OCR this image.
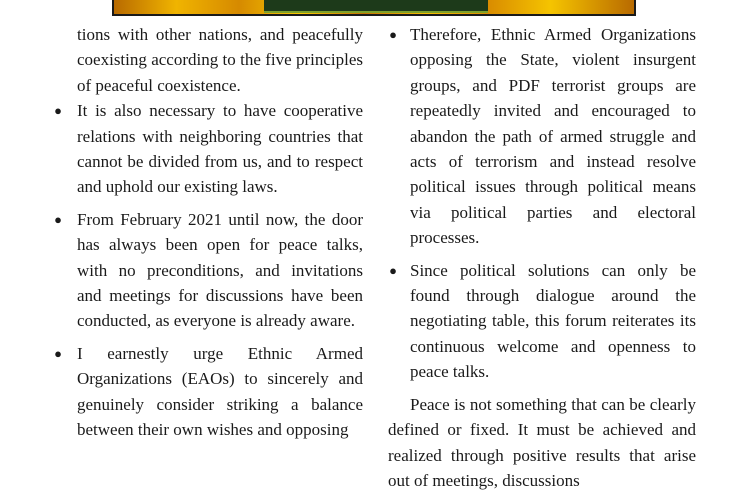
tions with other nations, and peacefully coexisting according to the five principles of peaceful coexistence.

● It is also necessary to have cooperative relations with neighboring countries that cannot be divided from us, and to respect and uphold our existing laws.

● From February 2021 until now, the door has always been open for peace talks, with no preconditions, and invitations and meetings for discussions have been conducted, as everyone is already aware.

● I earnestly urge Ethnic Armed Organizations (EAOs) to sincerely and genuinely consider striking a balance between their own wishes and opposing

● Therefore, Ethnic Armed Organizations opposing the State, violent insurgent groups, and PDF terrorist groups are repeatedly invited and encouraged to abandon the path of armed struggle and acts of terrorism and instead resolve political issues through political means via political parties and electoral processes.

● Since political solutions can only be found through dialogue around the negotiating table, this forum reiterates its continuous welcome and openness to peace talks.

Peace is not something that can be clearly defined or fixed. It must be achieved and realized through positive results that arise out of meetings, discussions
